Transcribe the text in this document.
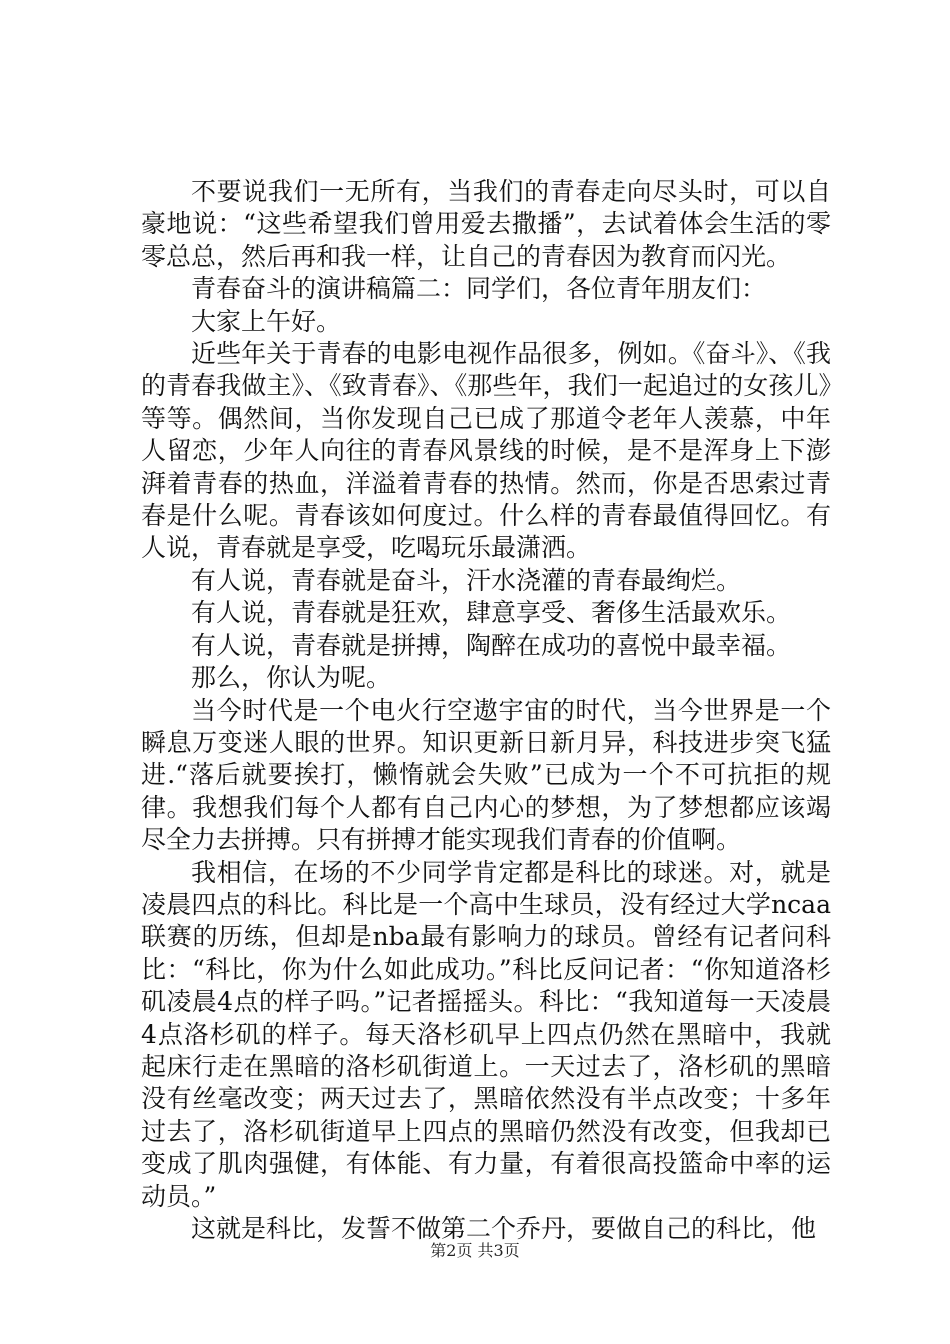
不要说我们一无所有，当我们的青春走向尽头时，可以自豪地说：“这些希望我们曾用爱去撒播”，去试着体会生活的零零总总，然后再和我一样，让自己的青春因为教育而闪光。

青春奋斗的演讲稿篇二：同学们，各位青年朋友们：

大家上午好。

近些年关于青春的电影电视作品很多，例如。《奋斗》、《我的青春我做主》、《致青春》、《那些年，我们一起追过的女孩儿》等等。偶然间，当你发现自己已成了那道令老年人羡慕，中年人留恋，少年人向往的青春风景线的时候，是不是浑身上下澎湃着青春的热血，洋溢着青春的热情。然而，你是否思索过青春是什么呢。青春该如何度过。什么样的青春最值得回忆。有人说，青春就是享受，吃喝玩乐最潇洒。

有人说，青春就是奋斗，汗水浇灌的青春最绚烂。

有人说，青春就是狂欢，肆意享受、奢侈生活最欢乐。

有人说，青春就是拼搏，陶醉在成功的喜悦中最幸福。

那么，你认为呢。

当今时代是一个电火行空遨宇宙的时代，当今世界是一个瞬息万变迷人眼的世界。知识更新日新月异，科技进步突飞猛进.“落后就要挨打，懒惰就会失败”已成为一个不可抗拒的规律。我想我们每个人都有自己内心的梦想，为了梦想都应该竭尽全力去拼搏。只有拼搏才能实现我们青春的价值啊。

我相信，在场的不少同学肯定都是科比的球迷。对，就是凌晨四点的科比。科比是一个高中生球员，没有经过大学ncaa联赛的历练，但却是nba最有影响力的球员。曾经有记者问科比：“科比，你为什么如此成功。”科比反问记者：“你知道洛杉矶凌晨4点的样子吗。”记者摇摇头。科比：“我知道每一天凌晨4点洛杉矶的样子。每天洛杉矶早上四点仍然在黑暗中，我就起床行走在黑暗的洛杉矶街道上。一天过去了，洛杉矶的黑暗没有丝毫改变；两天过去了，黑暗依然没有半点改变；十多年过去了，洛杉矶街道早上四点的黑暗仍然没有改变，但我却已变成了肌肉强健，有体能、有力量，有着很高投篮命中率的运动员。”

这就是科比，发誓不做第二个乔丹，要做自己的科比，他

第2页 共3页
